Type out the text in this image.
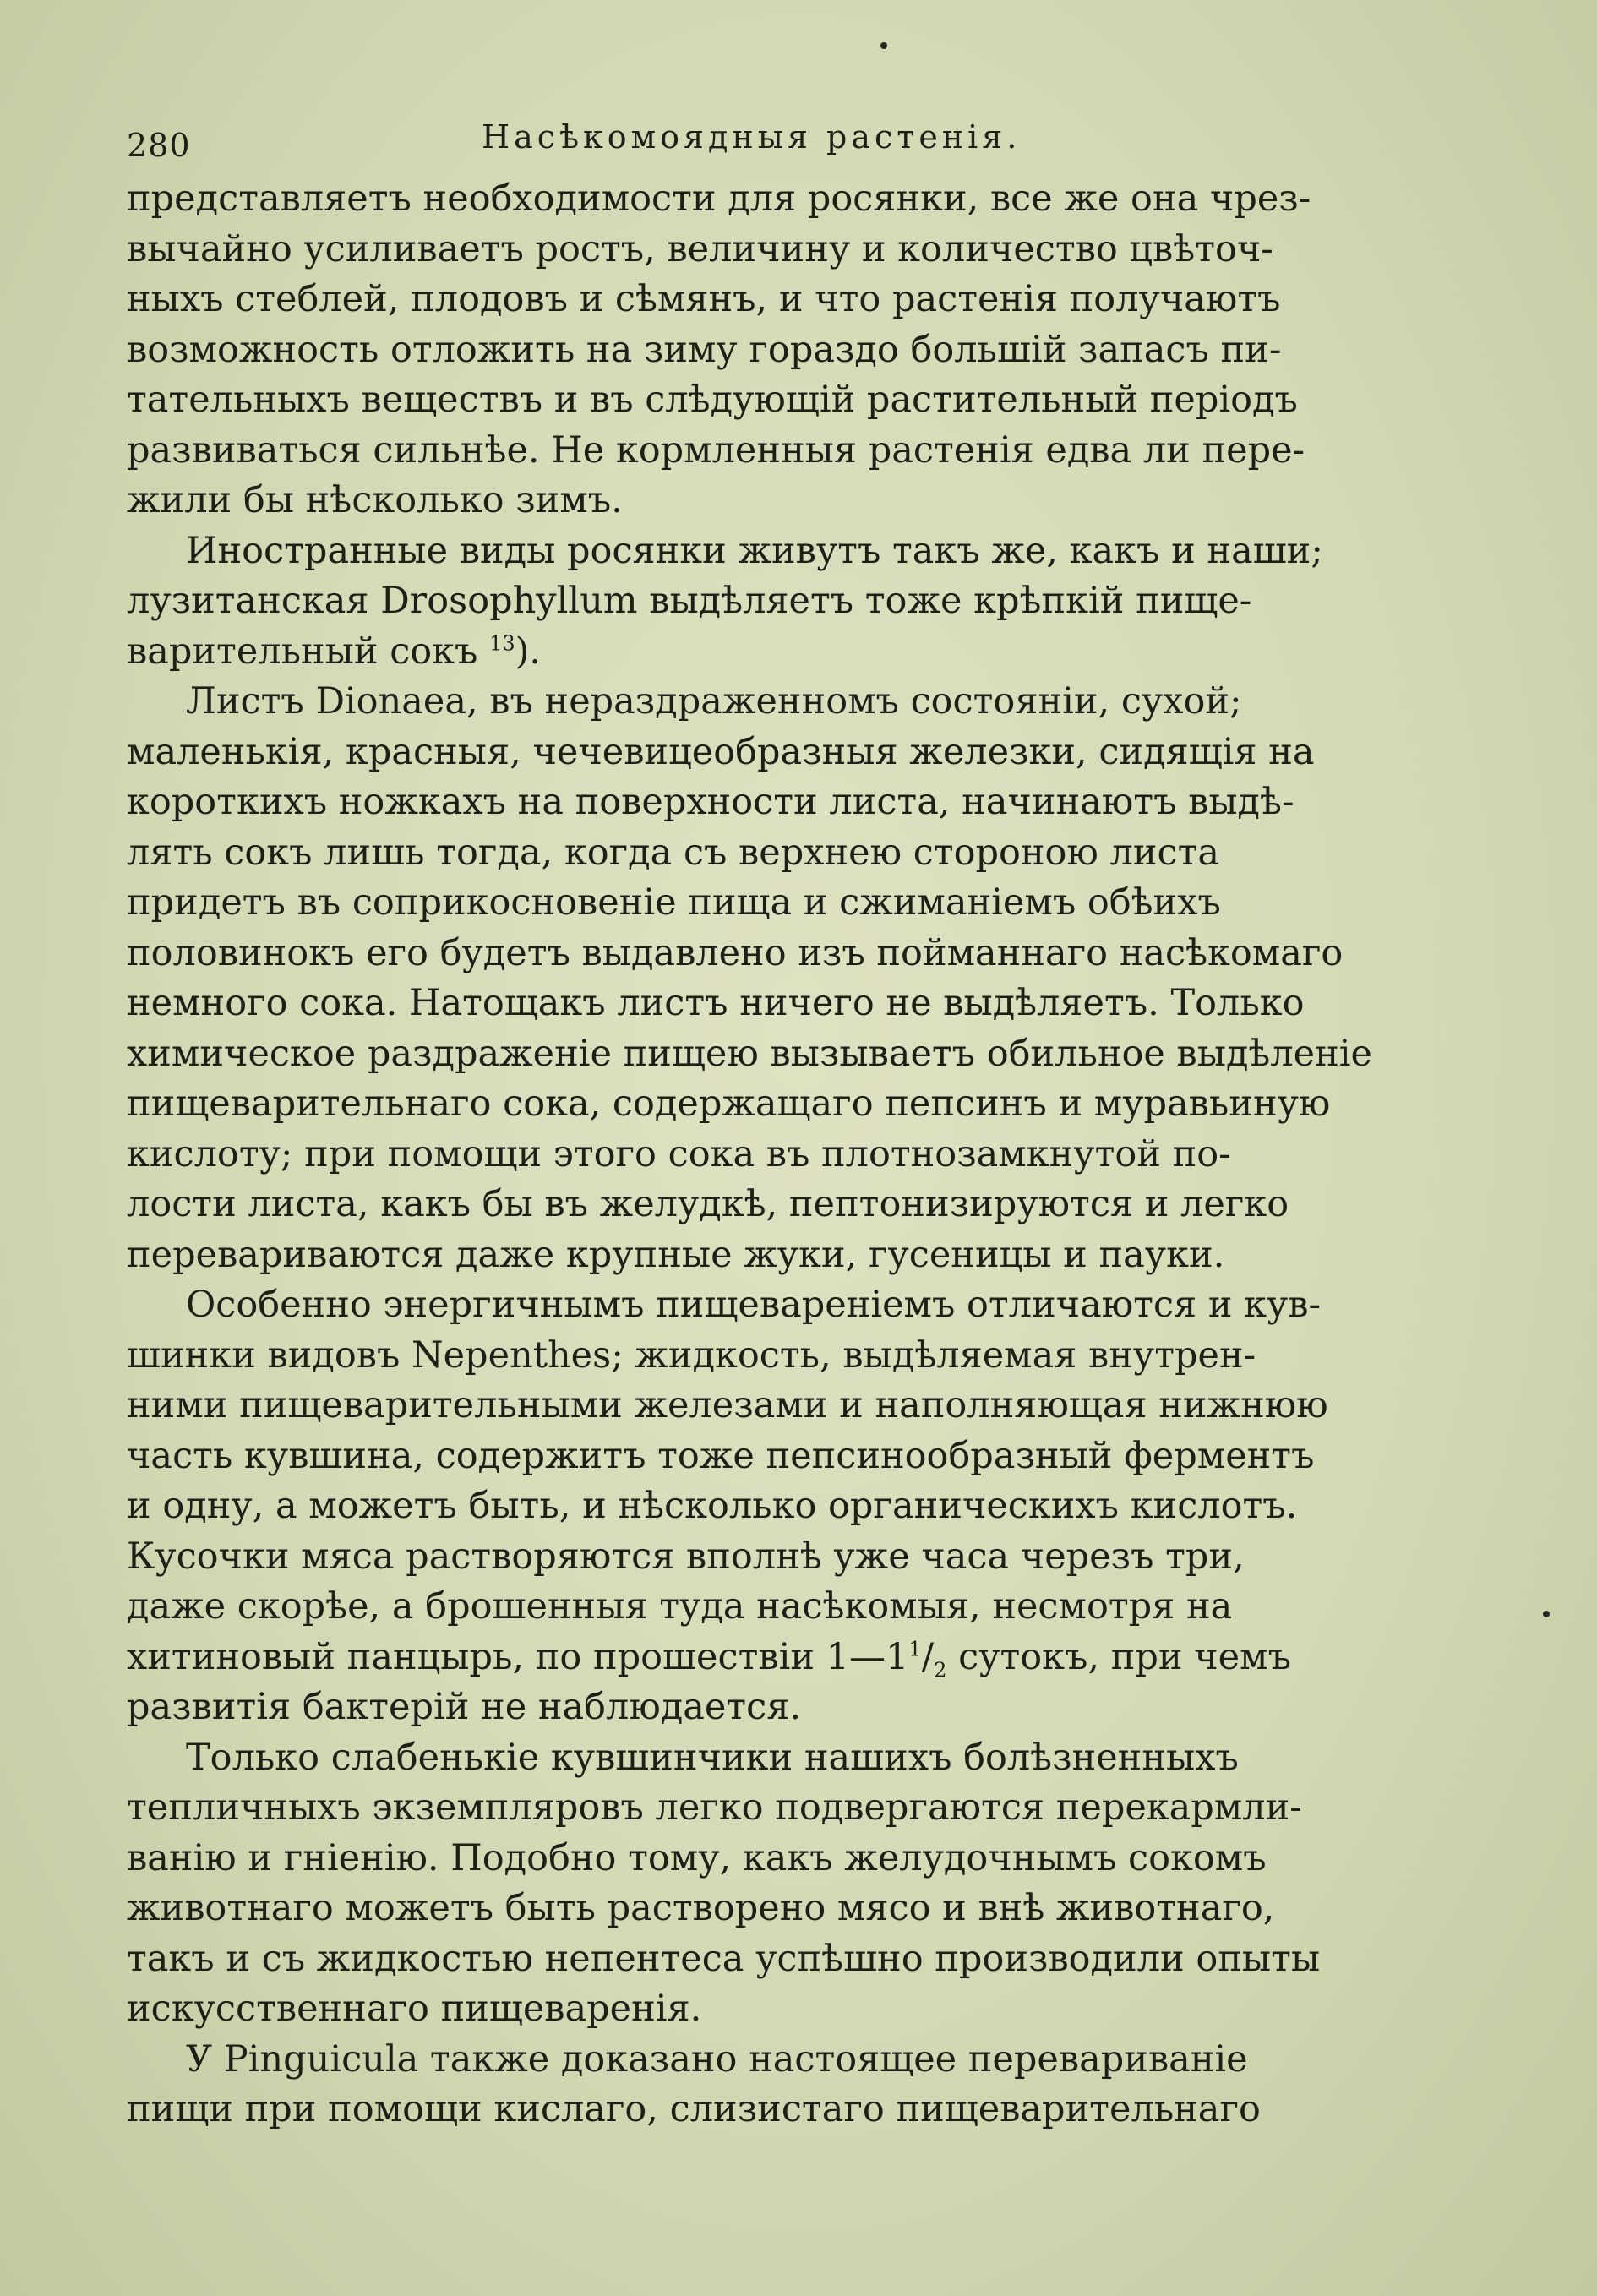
280	Насѣкомоядныя растенія.
представляетъ необходимости для росянки, все же она чрез-
вычайно усиливаетъ ростъ, величину и количество цвѣточ-
ныхъ стеблей, плодовъ и сѣмянъ, и что растенія получаютъ
возможность отложить на зиму гораздо большій запасъ пи-
тательныхъ веществъ и въ слѣдующій растительный періодъ
развиваться сильнѣе. Не кормленныя растенія едва ли пере-
жили бы нѣсколько зимъ.
Иностранные виды росянки живутъ такъ же, какъ и наши;
лузитанская Drosophyllum выдѣляетъ тоже крѣпкій пище-
варительный сокъ $^{13}$).
Листъ Dionaea, въ нераздраженномъ состояніи, сухой;
маленькія, красныя, чечевицеобразныя железки, сидящія на
короткихъ ножкахъ на поверхности листа, начинаютъ выдѣ-
лять сокъ лишь тогда, когда съ верхнею стороною листа
придетъ въ соприкосновеніе пища и сжиманіемъ обѣихъ
половинокъ его будетъ выдавлено изъ пойманнаго насѣкомаго
немного сока. Натощакъ листъ ничего не выдѣляетъ. Только
химическое раздраженіе пищею вызываетъ обильное выдѣленіе
пищеварительнаго сока, содержащаго пепсинъ и муравьиную
кислоту; при помощи этого сока въ плотнозамкнутой по-
лости листа, какъ бы въ желудкѣ, пептонизируются и легко
перевариваются даже крупные жуки, гусеницы и пауки.
Особенно энергичнымъ пищевареніемъ отличаются и кув-
шинки видовъ Nepenthes; жидкость, выдѣляемая внутрен-
ними пищеварительными железами и наполняющая нижнюю
часть кувшина, содержитъ тоже пепсинообразный ферментъ
и одну, а можетъ быть, и нѣсколько органическихъ кислотъ.
Кусочки мяса растворяются вполнѣ уже часа черезъ три,
даже скорѣе, а брошенныя туда насѣкомыя, несмотря на
хитиновый панцырь, по прошествіи $1—1^1/_2$ сутокъ, при чемъ
развитія бактерій не наблюдается.
Только слабенькіе кувшинчики нашихъ болѣзненныхъ
тепличныхъ экземпляровъ легко подвергаются перекармли-
ванію и гніенію. Подобно тому, какъ желудочнымъ сокомъ
животнаго можетъ быть растворено мясо и внѣ животнаго,
такъ и съ жидкостью непентеса успѣшно производили опыты
искусственнаго пищеваренія.
У Pinguicula также доказано настоящее перевариваніе
пищи при помощи кислаго, слизистаго пищеварительнаго
